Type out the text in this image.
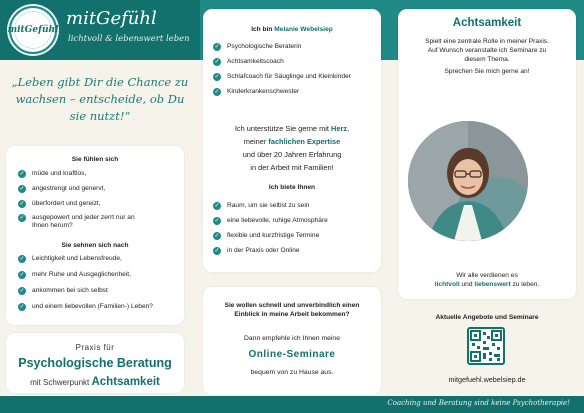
mitGefühl
mitGefühl
lichtvoll & lebenswert leben
„Leben gibt Dir die Chance zu wachsen – entscheide, ob Du sie nutzt!“
Sie fühlen sich
✓ müde und kraftlos,
✓ angestrengt und genervt,
✓ überfordert und gereizt,
✓ ausgepowert und jeder zerrt nur an Ihnen herum?
Sie sehnen sich nach
✓ Leichtigkeit und Lebensfreude,
✓ mehr Ruhe und Ausgeglichenheit,
✓ ankommen bei sich selbst
✓ und einem liebevollen (Familien-) Leben?
Praxis für
Psychologische Beratung
mit Schwerpunkt Achtsamkeit
Ich bin Melanie Webelsiep
✓ Psychologische Beraterin
✓ Achtsamkeitscoach
✓ Schlafcoach für Säuglinge und Kleinkinder
✓ Kinderkrankenschwester
Ich unterstütze Sie gerne mit Herz,
meiner fachlichen Expertise
und über 20 Jahren Erfahrung
in der Arbeit mit Familien!
Ich biete Ihnen
✓ Raum, um sie selbst zu sein
✓ eine liebevolle, ruhige Atmosphäre
✓ flexible und kurzfristige Termine
✓ in der Praxis oder Online
Sie wollen schnell und unverbindlich einen Einblick in meine Arbeit bekommen?
Dann empfehle ich Ihnen meine
Online-Seminare
bequem von zu Hause aus.
Achtsamkeit
Spielt eine zentrale Rolle in meiner Praxis.
Auf Wunsch veranstalte ich Seminare zu
diesem Thema.
Sprechen Sie mich gerne an!
Wir alle verdienen es
lichtvoll und liebenswert zu leben.
Aktuelle Angebote und Seminare
mitgefuehl.webelsiep.de
Coaching und Beratung sind keine Psychotherapie!
